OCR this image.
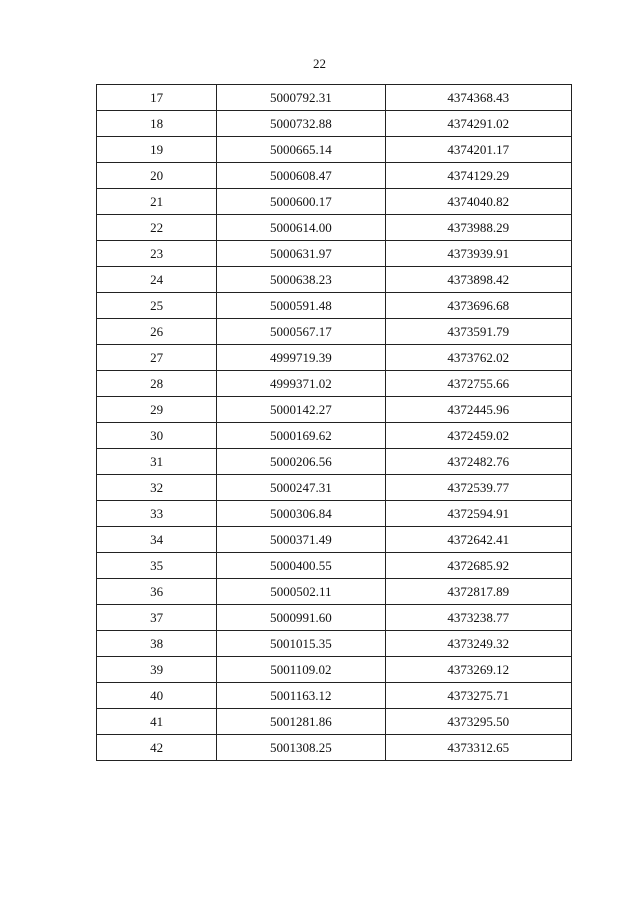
22
17	5000792.31	4374368.43
18	5000732.88	4374291.02
19	5000665.14	4374201.17
20	5000608.47	4374129.29
21	5000600.17	4374040.82
22	5000614.00	4373988.29
23	5000631.97	4373939.91
24	5000638.23	4373898.42
25	5000591.48	4373696.68
26	5000567.17	4373591.79
27	4999719.39	4373762.02
28	4999371.02	4372755.66
29	5000142.27	4372445.96
30	5000169.62	4372459.02
31	5000206.56	4372482.76
32	5000247.31	4372539.77
33	5000306.84	4372594.91
34	5000371.49	4372642.41
35	5000400.55	4372685.92
36	5000502.11	4372817.89
37	5000991.60	4373238.77
38	5001015.35	4373249.32
39	5001109.02	4373269.12
40	5001163.12	4373275.71
41	5001281.86	4373295.50
42	5001308.25	4373312.65
